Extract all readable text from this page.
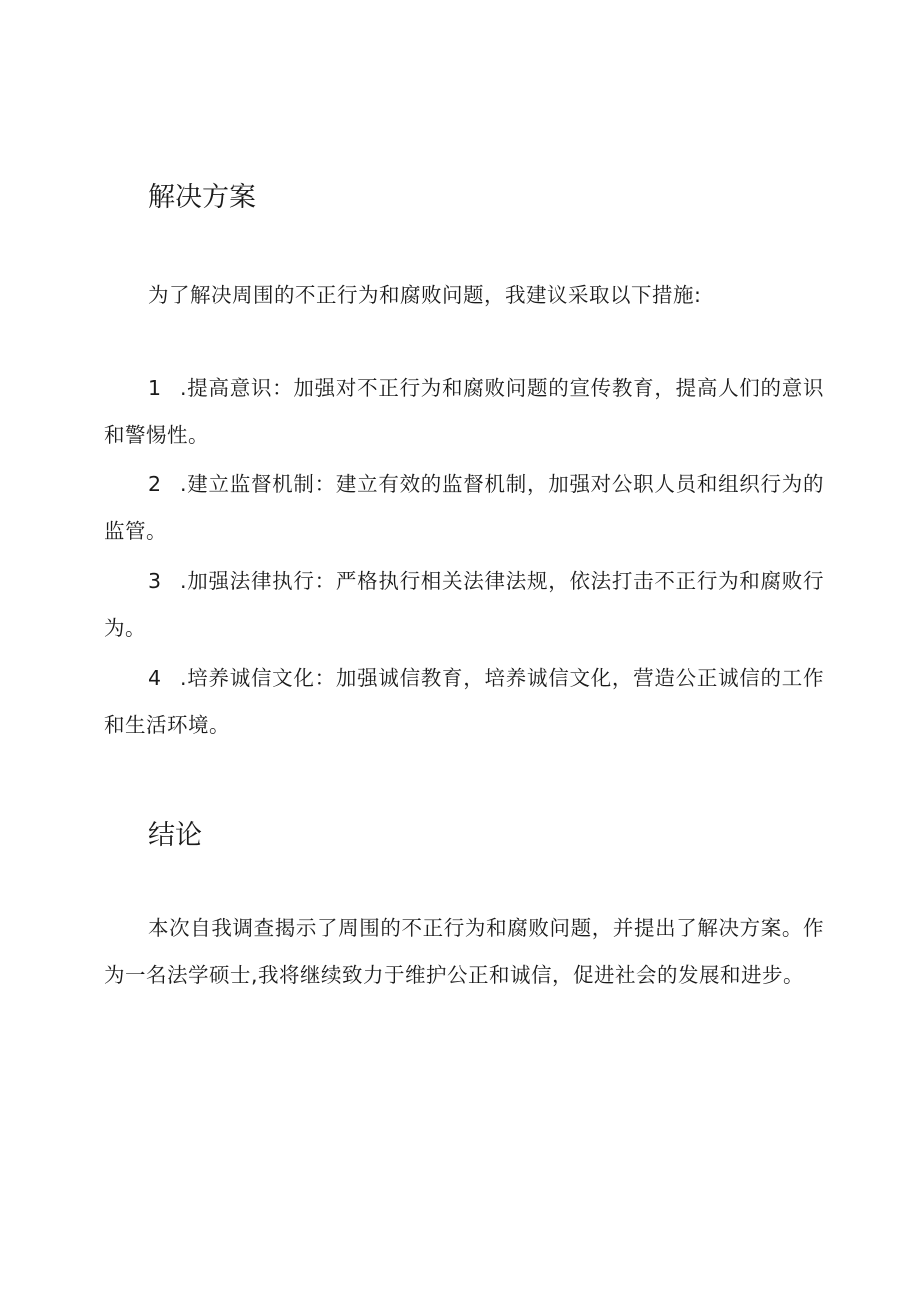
解决方案

为了解决周围的不正行为和腐败问题，我建议采取以下措施:

1 .提高意识：加强对不正行为和腐败问题的宣传教育，提高人们的意识和警惕性。

2 .建立监督机制：建立有效的监督机制，加强对公职人员和组织行为的监管。

3 .加强法律执行：严格执行相关法律法规，依法打击不正行为和腐败行为。

4 .培养诚信文化：加强诚信教育，培养诚信文化，营造公正诚信的工作和生活环境。

结论

本次自我调查揭示了周围的不正行为和腐败问题，并提出了解决方案。作为一名法学硕士,我将继续致力于维护公正和诚信，促进社会的发展和进步。
